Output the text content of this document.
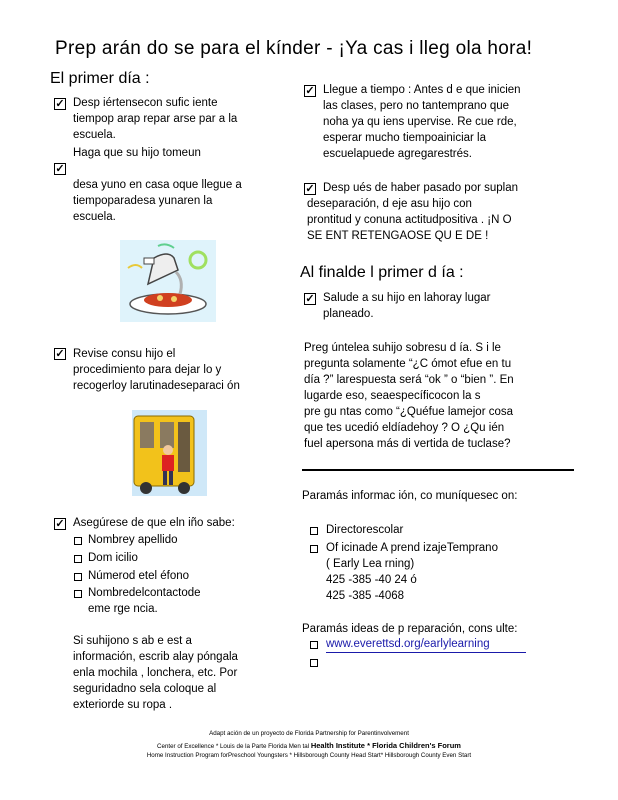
Prep arán do se para el kínder - ¡Ya cas i lleg ola hora!
El primer día :
✓ Desp iértensecon sufic iente
tiempop arap repar arse par a la
escuela.
Haga que su hijo tomeun
✓
desa yuno en casa oque llegue a
tiempoparadesa yunaren la
escuela.
✓ Revise consu hijo el
procedimiento para dejar lo y
recogerloy larutinadeseparaci ón
✓ Asegúrese de que eln iño sabe:
Nombrey apellido
Dom icilio
Númerod etel éfono
Nombredelcontactode
eme rge ncia.
Si suhijono s ab e est a
información, escrib alay póngala
enla mochila , lonchera, etc. Por
seguridadno sela coloque al
exteriorde su ropa .
✓ Llegue a tiempo : Antes d e que inicien
las clases, pero no tantemprano que
noha ya qu iens upervise. Re cue rde,
esperar mucho tiempoainiciar la
escuelapuede agregarestrés.
✓ Desp ués de haber pasado por suplan
deseparación, d eje asu hijo con
prontitud y conuna actitudpositiva . ¡N O
SE ENT RETENGAOSE QU E DE !
Al finalde l primer d ía :
✓ Salude a su hijo en lahoray lugar
planeado.
Preg úntelea suhijo sobresu d ía. S i le
pregunta solamente “¿C ómot efue en tu
día ?” larespuesta será “ok ” o “bien ”. En
lugarde eso, seaespecíficocon la s
pre gu ntas como “¿Quéfue lamejor cosa
que tes ucedió eldíadehoy ? O ¿Qu ién
fuel apersona más di vertida de tuclase?
Paramás informac ión, co muníquesec on:
Directorescolar
Of icinade A prend izajeTemprano
( Early Lea rning)
425 -385 -40 24 ó
425 -385 -4068
Paramás ideas de p reparación, cons ulte:
www.everettsd.org/earlylearning
Adapt ación de un proyecto de Florida Partnership for Parentinvolvement
Center of Excellence * Louis de la Parte Florida Men tal Health Institute * Florida Children's Forum
Home Instruction Program forPreschool Youngsters * Hillsborough County Head Start* Hillsborough County Even Start
